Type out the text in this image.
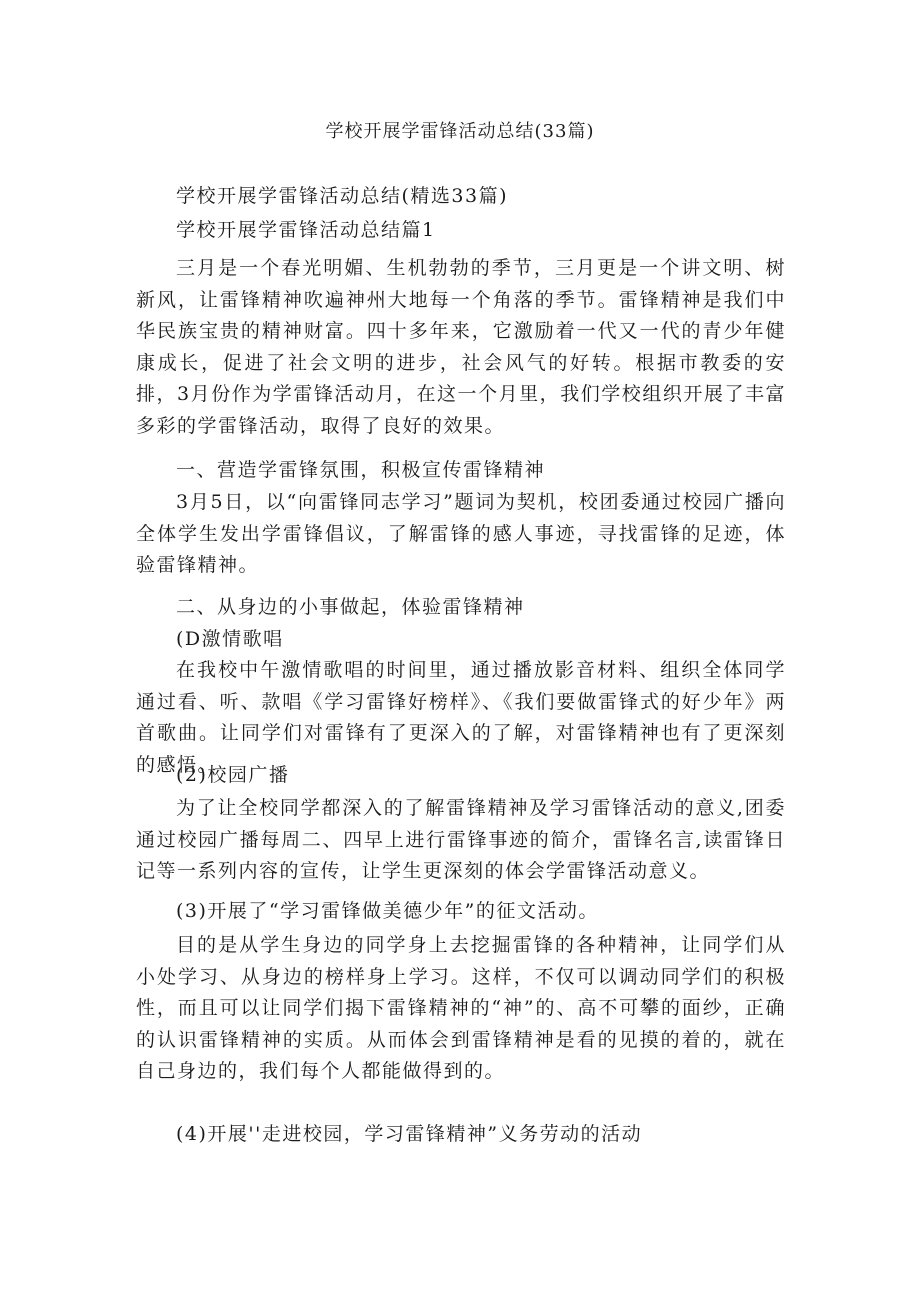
学校开展学雷锋活动总结(33篇)
学校开展学雷锋活动总结(精选33篇)
学校开展学雷锋活动总结篇1

三月是一个春光明媚、生机勃勃的季节，三月更是一个讲文明、树新风，让雷锋精神吹遍神州大地每一个角落的季节。雷锋精神是我们中华民族宝贵的精神财富。四十多年来，它激励着一代又一代的青少年健康成长，促进了社会文明的进步，社会风气的好转。根据市教委的安排，3月份作为学雷锋活动月，在这一个月里，我们学校组织开展了丰富多彩的学雷锋活动，取得了良好的效果。

一、营造学雷锋氛围，积极宣传雷锋精神

3月5日，以“向雷锋同志学习”题词为契机，校团委通过校园广播向全体学生发出学雷锋倡议，了解雷锋的感人事迹，寻找雷锋的足迹，体验雷锋精神。

二、从身边的小事做起，体验雷锋精神
(D激情歌唱

在我校中午激情歌唱的时间里，通过播放影音材料、组织全体同学通过看、听、款唱《学习雷锋好榜样》、《我们要做雷锋式的好少年》两首歌曲。让同学们对雷锋有了更深入的了解，对雷锋精神也有了更深刻的感悟。

(2)校园广播

为了让全校同学都深入的了解雷锋精神及学习雷锋活动的意义,团委通过校园广播每周二、四早上进行雷锋事迹的简介，雷锋名言,读雷锋日记等一系列内容的宣传，让学生更深刻的体会学雷锋活动意义。

(3)开展了“学习雷锋做美德少年”的征文活动。

目的是从学生身边的同学身上去挖掘雷锋的各种精神，让同学们从小处学习、从身边的榜样身上学习。这样，不仅可以调动同学们的积极性，而且可以让同学们揭下雷锋精神的“神”的、高不可攀的面纱，正确的认识雷锋精神的实质。从而体会到雷锋精神是看的见摸的着的，就在自己身边的，我们每个人都能做得到的。

(4)开展''走进校园，学习雷锋精神”义务劳动的活动
